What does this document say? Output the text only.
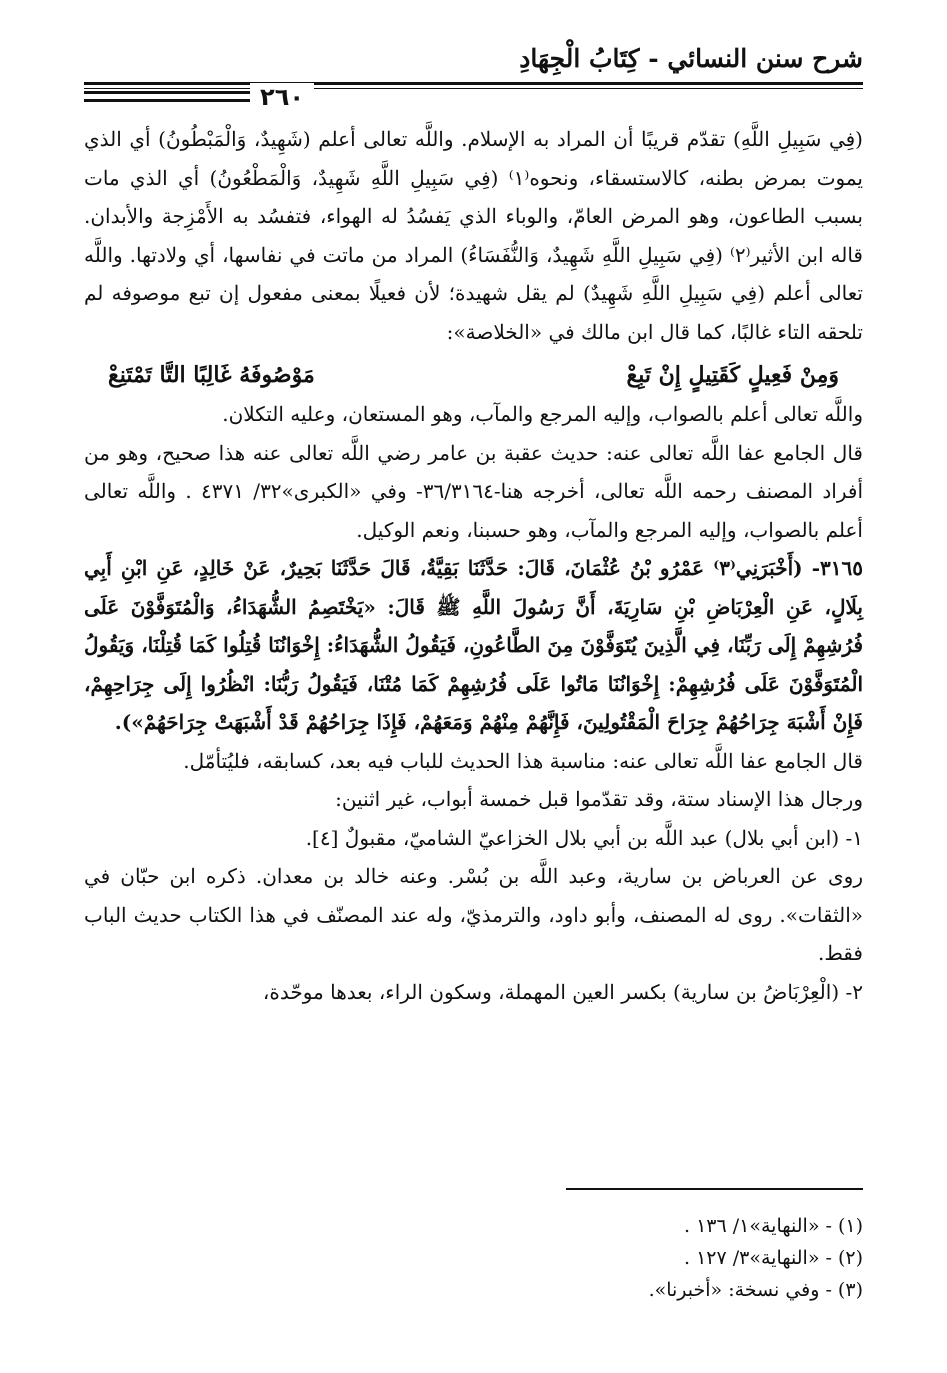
شرح سنن النسائي - كِتَابُ الْجِهَادِ
٢٦٠

(فِي سَبِيلِ اللَّهِ) تقدّم قريبًا أن المراد به الإسلام. واللَّه تعالى أعلم (شَهِيدٌ، وَالْمَبْطُونُ) أي الذي يموت بمرض بطنه، كالاستسقاء، ونحوه⁽١⁾ (فِي سَبِيلِ اللَّهِ شَهِيدٌ، وَالْمَطْعُونُ) أي الذي مات بسبب الطاعون، وهو المرض العامّ، والوباء الذي يَفسُدُ له الهواء، فتفسُد به الأَمْزِجة والأبدان. قاله ابن الأثير⁽٢⁾ (فِي سَبِيلِ اللَّهِ شَهِيدٌ، وَالنُّفَسَاءُ) المراد من ماتت في نفاسها، أي ولادتها. واللَّه تعالى أعلم (فِي سَبِيلِ اللَّهِ شَهِيدٌ) لم يقل شهيدة؛ لأن فعيلًا بمعنى مفعول إن تبع موصوفه لم تلحقه التاء غالبًا، كما قال ابن مالك في «الخلاصة»:

وَمِنْ فَعِيلٍ كَقَتِيلٍ إِنْ تَبِعْ
مَوْصُوفَهُ غَالِبًا التَّا تَمْتَنِعْ

واللَّه تعالى أعلم بالصواب، وإليه المرجع والمآب، وهو المستعان، وعليه التكلان.

قال الجامع عفا اللَّه تعالى عنه: حديث عقبة بن عامر رضي اللَّه تعالى عنه هذا صحيح، وهو من أفراد المصنف رحمه اللَّه تعالى، أخرجه هنا-٣٦/٣١٦٤- وفي «الكبرى»٣٢/ ٤٣٧١ . واللَّه تعالى أعلم بالصواب، وإليه المرجع والمآب، وهو حسبنا، ونعم الوكيل.

٣١٦٥- (أَخْبَرَنِي⁽٣⁾ عَمْرُو بْنُ عُثْمَانَ، قَالَ: حَدَّثَنَا بَقِيَّةُ، قَالَ حَدَّثَنَا بَحِيرٌ، عَنْ خَالِدٍ، عَنِ ابْنِ أَبِي بِلَالٍ، عَنِ الْعِرْبَاضِ بْنِ سَارِيَةَ، أَنَّ رَسُولَ اللَّهِ ﷺ قَالَ: «يَخْتَصِمُ الشُّهَدَاءُ، وَالْمُتَوَفَّوْنَ عَلَى فُرُشِهِمْ إِلَى رَبِّنَا، فِي الَّذِينَ يُتَوَفَّوْنَ مِنَ الطَّاعُونِ، فَيَقُولُ الشُّهَدَاءُ: إِخْوَانُنَا قُتِلُوا كَمَا قُتِلْنَا، وَيَقُولُ الْمُتَوَفَّوْنَ عَلَى فُرُشِهِمْ: إِخْوَانُنَا مَاتُوا عَلَى فُرُشِهِمْ كَمَا مُتْنَا، فَيَقُولُ رَبُّنَا: انْظُرُوا إِلَى جِرَاحِهِمْ، فَإِنْ أَشْبَهَ جِرَاحُهُمْ جِرَاحَ الْمَقْتُولِينَ، فَإِنَّهُمْ مِنْهُمْ وَمَعَهُمْ، فَإِذَا جِرَاحُهُمْ قَدْ أَشْبَهَتْ جِرَاحَهُمْ»).

قال الجامع عفا اللَّه تعالى عنه: مناسبة هذا الحديث للباب فيه بعد، كسابقه، فليُتأمّل.

ورجال هذا الإسناد ستة، وقد تقدّموا قبل خمسة أبواب، غير اثنين:

١- (ابن أبي بلال) عبد اللَّه بن أبي بلال الخزاعيّ الشاميّ، مقبولٌ [٤].

روى عن العرباض بن سارية، وعبد اللَّه بن بُسْر. وعنه خالد بن معدان. ذكره ابن حبّان في «الثقات». روى له المصنف، وأبو داود، والترمذيّ، وله عند المصنّف في هذا الكتاب حديث الباب فقط.

٢- (الْعِرْبَاضُ بن سارية) بكسر العين المهملة، وسكون الراء، بعدها موحّدة،

(١) - «النهاية»١/ ١٣٦ .

(٢) - «النهاية»٣/ ١٢٧ .

(٣) - وفي نسخة: «أخبرنا».
